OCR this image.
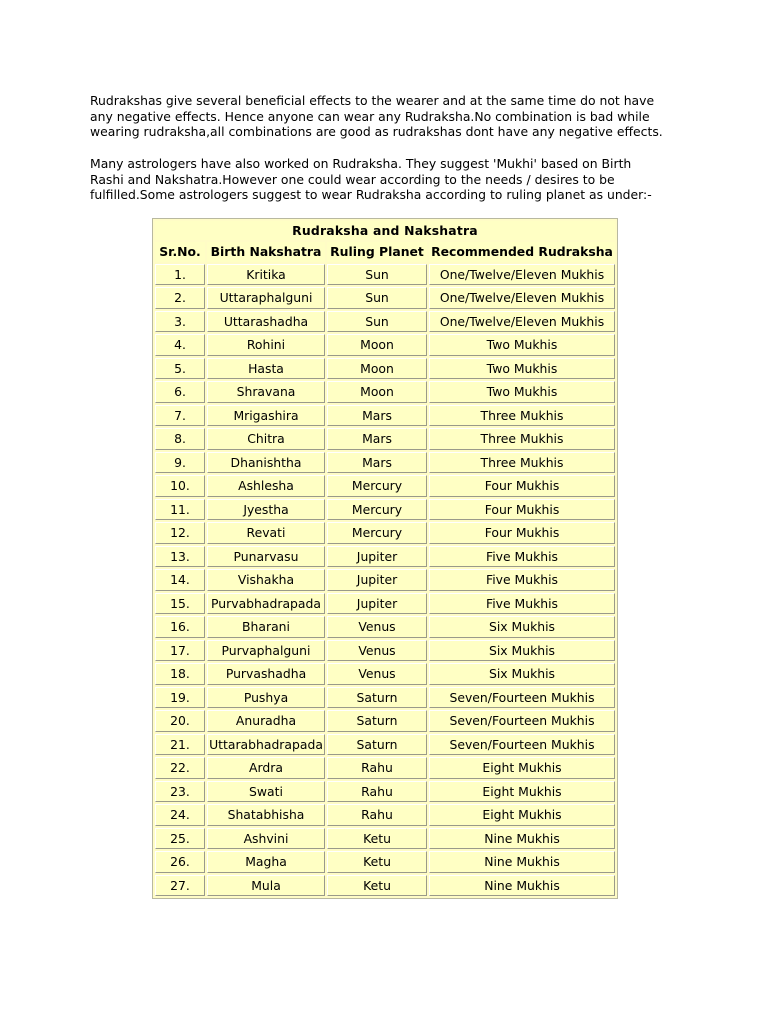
Rudrakshas give several beneficial effects to the wearer and at the same time do not have
any negative effects. Hence anyone can wear any Rudraksha.No combination is bad while
wearing rudraksha,all combinations are good as rudrakshas dont have any negative effects.
Many astrologers have also worked on Rudraksha. They suggest 'Mukhi' based on Birth
Rashi and Nakshatra.However one could wear according to the needs / desires to be
fulfilled.Some astrologers suggest to wear Rudraksha according to ruling planet as under:-
Rudraksha and Nakshatra			
Sr.No.	Birth Nakshatra	Ruling Planet	Recommended Rudraksha
1.	Kritika	Sun	One/Twelve/Eleven Mukhis
2.	Uttaraphalguni	Sun	One/Twelve/Eleven Mukhis
3.	Uttarashadha	Sun	One/Twelve/Eleven Mukhis
4.	Rohini	Moon	Two Mukhis
5.	Hasta	Moon	Two Mukhis
6.	Shravana	Moon	Two Mukhis
7.	Mrigashira	Mars	Three Mukhis
8.	Chitra	Mars	Three Mukhis
9.	Dhanishtha	Mars	Three Mukhis
10.	Ashlesha	Mercury	Four Mukhis
11.	Jyestha	Mercury	Four Mukhis
12.	Revati	Mercury	Four Mukhis
13.	Punarvasu	Jupiter	Five Mukhis
14.	Vishakha	Jupiter	Five Mukhis
15.	Purvabhadrapada	Jupiter	Five Mukhis
16.	Bharani	Venus	Six Mukhis
17.	Purvaphalguni	Venus	Six Mukhis
18.	Purvashadha	Venus	Six Mukhis
19.	Pushya	Saturn	Seven/Fourteen Mukhis
20.	Anuradha	Saturn	Seven/Fourteen Mukhis
21.	Uttarabhadrapada	Saturn	Seven/Fourteen Mukhis
22.	Ardra	Rahu	Eight Mukhis
23.	Swati	Rahu	Eight Mukhis
24.	Shatabhisha	Rahu	Eight Mukhis
25.	Ashvini	Ketu	Nine Mukhis
26.	Magha	Ketu	Nine Mukhis
27.	Mula	Ketu	Nine Mukhis
